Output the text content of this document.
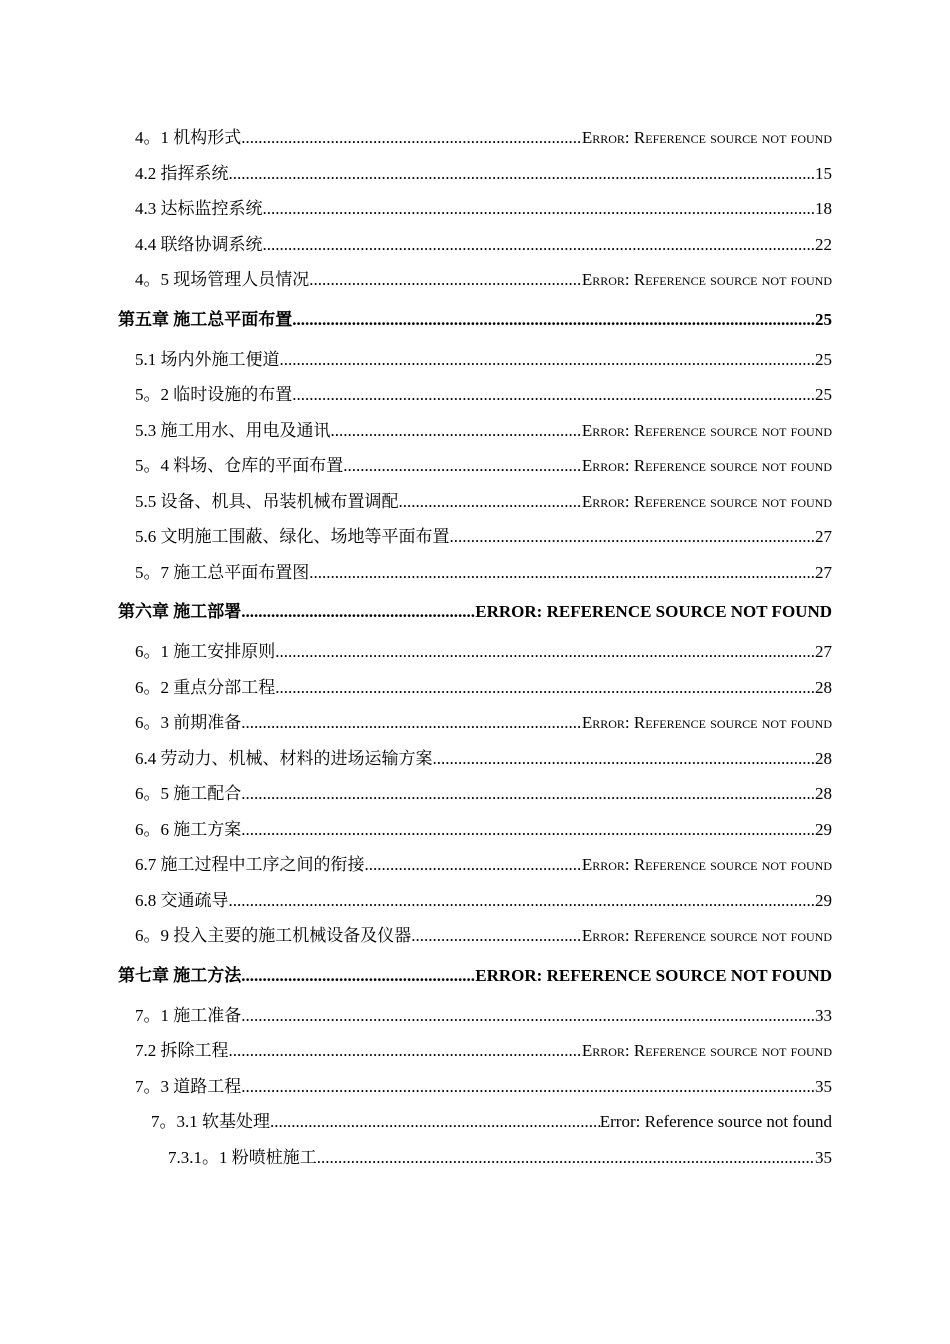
4。1 机构形式 .....	Error: Reference source not found
4.2 指挥系统 .....	15
4.3 达标监控系统 .....	18
4.4 联络协调系统 .....	22
4。5 现场管理人员情况 .....	Error: Reference source not found
第五章 施工总平面布置 .....	25
5.1 场内外施工便道 .....	25
5。2 临时设施的布置 .....	25
5.3 施工用水、用电及通讯 .....	Error: Reference source not found
5。4 料场、仓库的平面布置 .....	Error: Reference source not found
5.5 设备、机具、吊装机械布置调配 .....	Error: Reference source not found
5.6 文明施工围蔽、绿化、场地等平面布置 .....	27
5。7 施工总平面布置图 .....	27
第六章 施工部署 .....	ERROR: REFERENCE SOURCE NOT FOUND
6。1 施工安排原则 .....	27
6。2 重点分部工程 .....	28
6。3 前期准备 .....	Error: Reference source not found
6.4 劳动力、机械、材料的进场运输方案 .....	28
6。5 施工配合 .....	28
6。6 施工方案 .....	29
6.7 施工过程中工序之间的衔接 .....	Error: Reference source not found
6.8 交通疏导 .....	29
6。9 投入主要的施工机械设备及仪器 .....	Error: Reference source not found
第七章 施工方法 .....	ERROR: REFERENCE SOURCE NOT FOUND
7。1 施工准备 .....	33
7.2 拆除工程 .....	Error: Reference source not found
7。3 道路工程 .....	35
7。3.1 软基处理 .....	Error: Reference source not found
7.3.1。1 粉喷桩施工 .....	35
